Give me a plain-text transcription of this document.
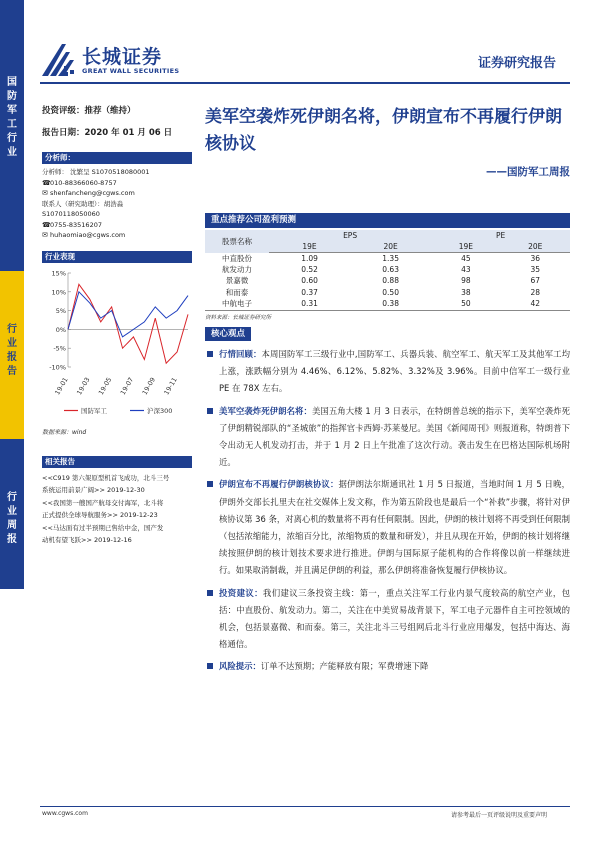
国
防
军
工
行
业
行
业
报
告
行
业
周
报
长城证券
GREAT WALL SECURITIES	证券研究报告
投资评级：推荐（维持）
报告日期：2020 年 01 月 06 日
分析师：
分析师： 沈繁呈 S1070518080001
☎010-88366060-8757
✉ shenfancheng@cgws.com
联系人（研究助理）：胡浩淼
S1070118050060
☎0755-83516207
✉ huhaomiao@cgws.com
行业表现
15%
10%
5%
0%
-5%
-10%
19-01 19-03 19-05 19-07 19-09 19-11
国防军工	沪深300
数据来源：wind
相关报告
<<C919 第六架原型机首飞成功，北斗三号
系统运用前景广阔>> 2019-12-30
<<我国第一艘国产航母交付海军，北斗将
正式提供全球导航服务>> 2019-12-23
<<马达面有过半预期已售给中金，国产发
动机有望飞跃>> 2019-12-16
美军空袭炸死伊朗名将，伊朗宣布不再履行伊朗核协议
——国防军工周报
重点推荐公司盈利预测
股票名称	EPS		PE	
	19E	20E	19E	20E
中直股份	1.09	1.35	45	36
航发动力	0.52	0.63	43	35
景嘉微	0.60	0.88	98	67
和而泰	0.37	0.50	38	28
中航电子	0.31	0.38	50	42
资料来源：长城证券研究所
核心观点
行情回顾：本周国防军工三级行业中,国防军工、兵器兵装、航空军工、航天军工及其他军工均上涨，涨跌幅分别为 4.46%、6.12%、5.82%、3.32%及 3.96%。目前中信军工一级行业 PE 在 78X 左右。
美军空袭炸死伊朗名将：美国五角大楼 1 月 3 日表示，在特朗普总统的指示下，美军空袭炸死了伊朗精锐部队的“圣城旅”的指挥官卡西姆·苏莱曼尼。美国《新闻周刊》则报道称，特朗普下令出动无人机发动打击，并于 1 月 2 日上午批准了这次行动。袭击发生在巴格达国际机场附近。
伊朗宣布不再履行伊朗核协议：据伊朗法尔斯通讯社 1 月 5 日报道，当地时间 1 月 5 日晚，伊朗外交部长扎里夫在社交媒体上发文称，作为第五阶段也是最后一个“补救”步骤，将针对伊核协议第 36 条，对离心机的数量将不再有任何限制。因此，伊朗的核计划将不再受到任何限制（包括浓缩能力，浓缩百分比，浓缩物质的数量和研发），并且从现在开始，伊朗的核计划将继续按照伊朗的核计划技术要求进行推进。伊朗与国际原子能机构的合作将像以前一样继续进行。如果取消制裁，并且满足伊朗的利益，那么伊朗将准备恢复履行伊核协议。
投资建议：我们建议三条投资主线：第一，重点关注军工行业内景气度较高的航空产业，包括：中直股份、航发动力。第二，关注在中美贸易战背景下，军工电子元器件自主可控领域的机会，包括景嘉微、和而泰。第三，关注北斗三号组网后北斗行业应用爆发，包括中海达、海格通信。
风险提示：订单不达预期；产能释放有限；军费增速下降
www.cgws.com	请参考最后一页评级说明及重要声明
